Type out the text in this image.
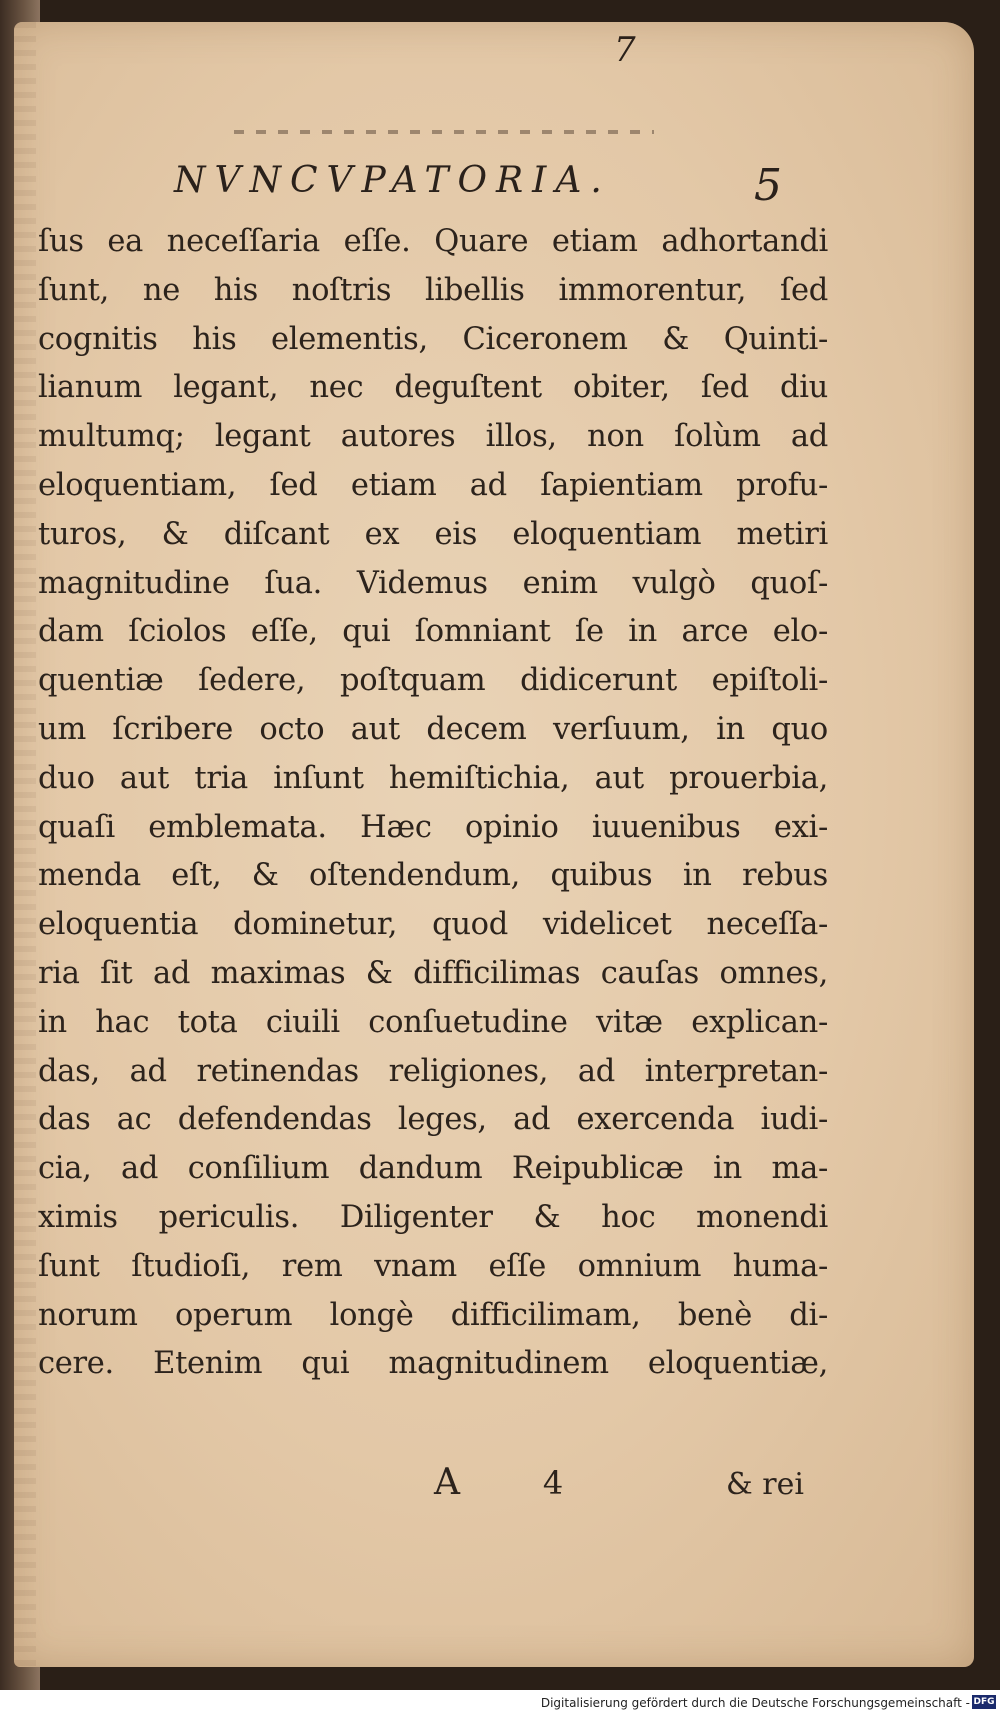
7
NVNCVPATORIA.	5
ſus ea neceſſaria eſſe. Quare etiam adhortandi
ſunt, ne his noſtris libellis immorentur, ſed
cognitis his elementis, Ciceronem & Quinti-
lianum legant, nec deguſtent obiter, ſed diu
multumq; legant autores illos, non ſolùm ad
eloquentiam, ſed etiam ad ſapientiam profu-
turos, & diſcant ex eis eloquentiam metiri
magnitudine ſua. Videmus enim vulgò quoſ-
dam ſciolos eſſe, qui ſomniant ſe in arce elo-
quentiæ ſedere, poſtquam didicerunt epiſtoli-
um ſcribere octo aut decem verſuum, in quo
duo aut tria inſunt hemiſtichia, aut prouerbia,
quaſi emblemata. Hæc opinio iuuenibus exi-
menda eſt, & oſtendendum, quibus in rebus
eloquentia dominetur, quod videlicet neceſſa-
ria ſit ad maximas & difficilimas cauſas omnes,
in hac tota ciuili conſuetudine vitæ explican-
das, ad retinendas religiones, ad interpretan-
das ac defendendas leges, ad exercenda iudi-
cia, ad conſilium dandum Reipublicæ in ma-
ximis periculis. Diligenter & hoc monendi
ſunt ſtudioſi, rem vnam eſſe omnium huma-
norum operum longè difficilimam, benè di-
cere. Etenim qui magnitudinem eloquentiæ,
A	4	& rei
Digitalisierung gefördert durch die Deutsche Forschungsgemeinschaft - DFG
